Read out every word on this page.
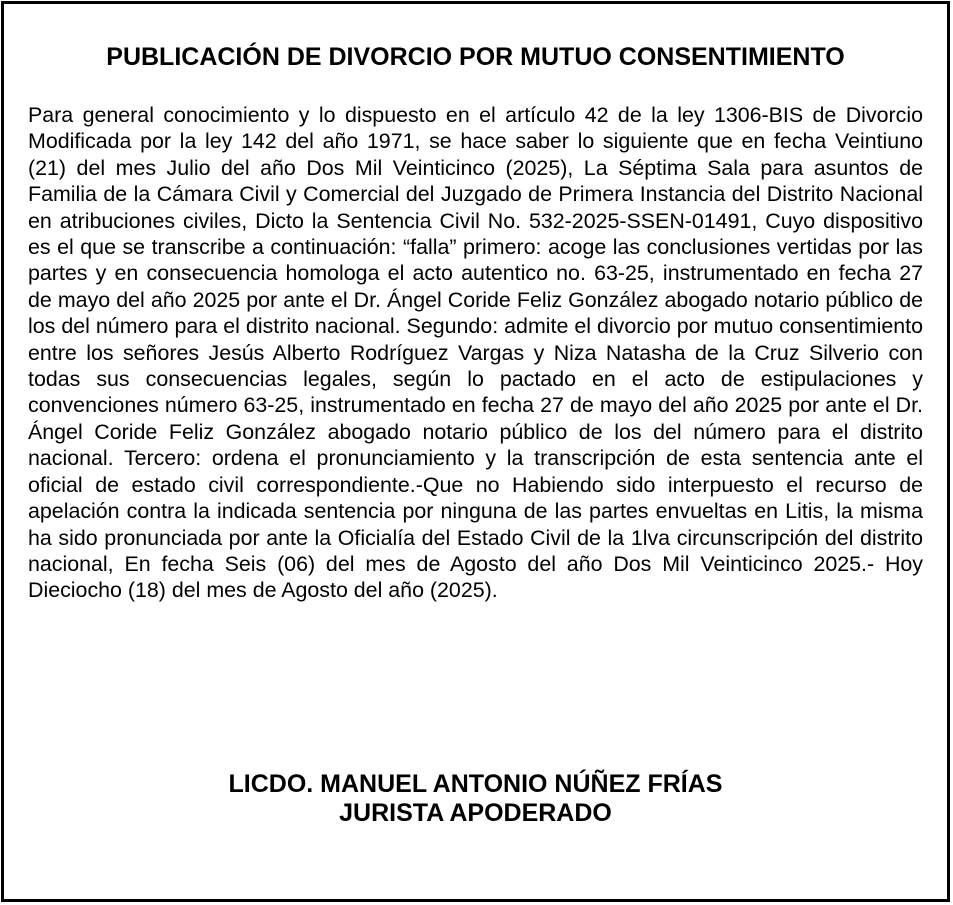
PUBLICACIÓN DE DIVORCIO POR MUTUO CONSENTIMIENTO

Para general conocimiento y lo dispuesto en el artículo 42 de la ley 1306-BIS de Divorcio Modificada por la ley 142 del año 1971, se hace saber lo siguiente que en fecha Veintiuno (21) del mes Julio del año Dos Mil Veinticinco (2025), La Séptima Sala para asuntos de Familia de la Cámara Civil y Comercial del Juzgado de Primera Instancia del Distrito Nacional en atribuciones civiles, Dicto la Sentencia Civil No. 532-2025-SSEN-01491, Cuyo dispositivo es el que se transcribe a continuación: “falla” primero: acoge las conclusiones vertidas por las partes y en consecuencia homologa el acto autentico no. 63-25, instrumentado en fecha 27 de mayo del año 2025 por ante el Dr. Ángel Coride Feliz González abogado notario público de los del número para el distrito nacional. Segundo: admite el divorcio por mutuo consentimiento entre los señores Jesús Alberto Rodríguez Vargas y Niza Natasha de la Cruz Silverio con todas sus consecuencias legales, según lo pactado en el acto de estipulaciones y convenciones número 63-25, instrumentado en fecha 27 de mayo del año 2025 por ante el Dr. Ángel Coride Feliz González abogado notario público de los del número para el distrito nacional. Tercero: ordena el pronunciamiento y la transcripción de esta sentencia ante el oficial de estado civil correspondiente.-Que no Habiendo sido interpuesto el recurso de apelación contra la indicada sentencia por ninguna de las partes envueltas en Litis, la misma ha sido pronunciada por ante la Oficialía del Estado Civil de la 1lva circunscripción del distrito nacional, En fecha Seis (06) del mes de Agosto del año Dos Mil Veinticinco 2025.- Hoy Dieciocho (18) del mes de Agosto del año (2025).

LICDO. MANUEL ANTONIO NÚÑEZ FRÍAS
JURISTA APODERADO
